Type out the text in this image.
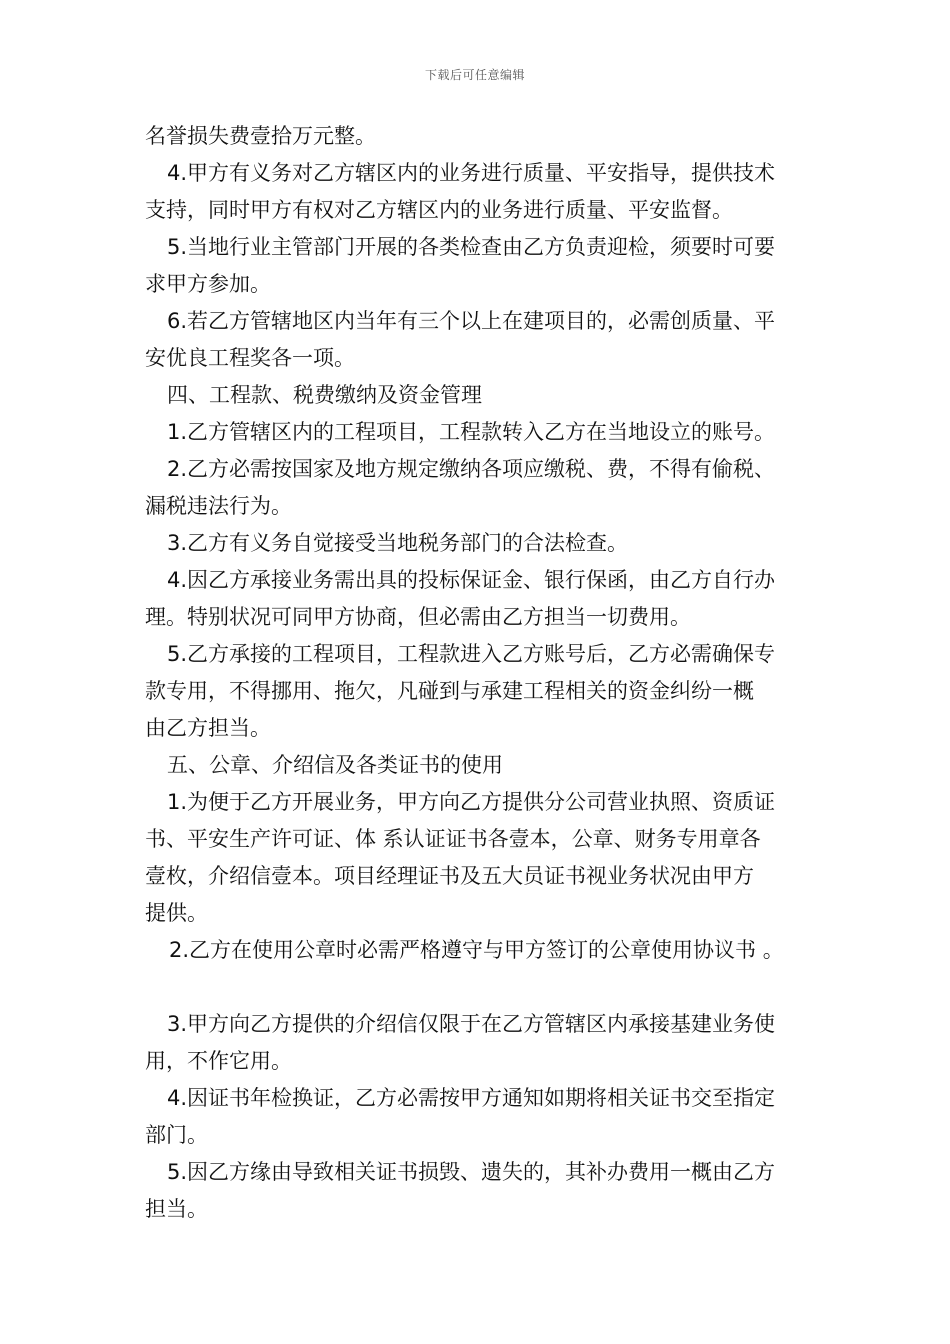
下载后可任意编辑
名誉损失费壹拾万元整。
4.甲方有义务对乙方辖区内的业务进行质量、平安指导，提供技术
支持，同时甲方有权对乙方辖区内的业务进行质量、平安监督。
5.当地行业主管部门开展的各类检查由乙方负责迎检，须要时可要
求甲方参加。
6.若乙方管辖地区内当年有三个以上在建项目的，必需创质量、平
安优良工程奖各一项。
四、工程款、税费缴纳及资金管理
1.乙方管辖区内的工程项目，工程款转入乙方在当地设立的账号。
2.乙方必需按国家及地方规定缴纳各项应缴税、费，不得有偷税、
漏税违法行为。
3.乙方有义务自觉接受当地税务部门的合法检查。
4.因乙方承接业务需出具的投标保证金、银行保函，由乙方自行办
理。特别状况可同甲方协商，但必需由乙方担当一切费用。
5.乙方承接的工程项目，工程款进入乙方账号后，乙方必需确保专
款专用，不得挪用、拖欠，凡碰到与承建工程相关的资金纠纷一概
由乙方担当。
五、公章、介绍信及各类证书的使用
1.为便于乙方开展业务，甲方向乙方提供分公司营业执照、资质证
书、平安生产许可证、体 系认证证书各壹本，公章、财务专用章各
壹枚，介绍信壹本。项目经理证书及五大员证书视业务状况由甲方
提供。
2.乙方在使用公章时必需严格遵守与甲方签订的公章使用协议书 。
3.甲方向乙方提供的介绍信仅限于在乙方管辖区内承接基建业务使
用，不作它用。
4.因证书年检换证，乙方必需按甲方通知如期将相关证书交至指定
部门。
5.因乙方缘由导致相关证书损毁、遗失的，其补办费用一概由乙方
担当。
